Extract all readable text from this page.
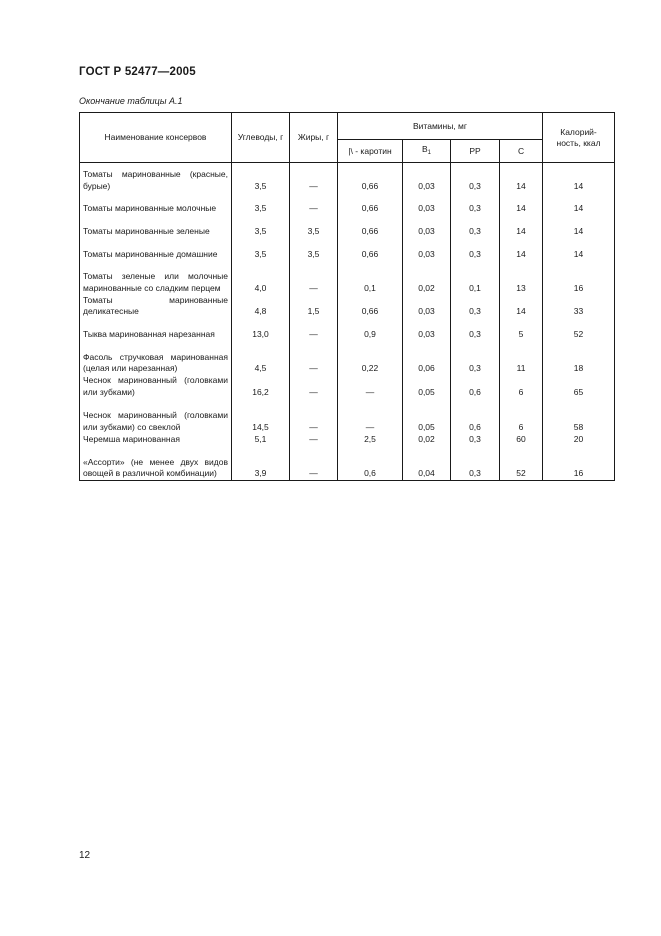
ГОСТ Р 52477—2005
Окончание таблицы А.1
Наименование консервов	Углеводы, г	Жиры, г	Витамины, мг				Калорий-
ность, ккал
			|\ - каротин	$В_1$	РР	С	
Томаты маринованные (красные, бурые)	3,5	—	0,66	0,03	0,3	14	14
Томаты маринованные молочные	3,5	—	0,66	0,03	0,3	14	14
Томаты маринованные зеленые	3,5	3,5	0,66	0,03	0,3	14	14
Томаты маринованные домашние	3,5	3,5	0,66	0,03	0,3	14	14
Томаты зеленые или молочные маринованные со сладким перцем	4,0	—	0,1	0,02	0,1	13	16
Томаты маринованные деликатесные	4,8	1,5	0,66	0,03	0,3	14	33
Тыква маринованная нарезанная	13,0	—	0,9	0,03	0,3	5	52
Фасоль стручковая маринованная (целая или нарезанная)	4,5	—	0,22	0,06	0,3	11	18
Чеснок маринованный (головками или зубками)	16,2	—	—	0,05	0,6	6	65
Чеснок маринованный (головками или зубками) со свеклой	14,5	—	—	0,05	0,6	6	58
Черемша маринованная	5,1	—	2,5	0,02	0,3	60	20
«Ассорти» (не менее двух видов овощей в различной комбинации)	3,9	—	0,6	0,04	0,3	52	16
12
